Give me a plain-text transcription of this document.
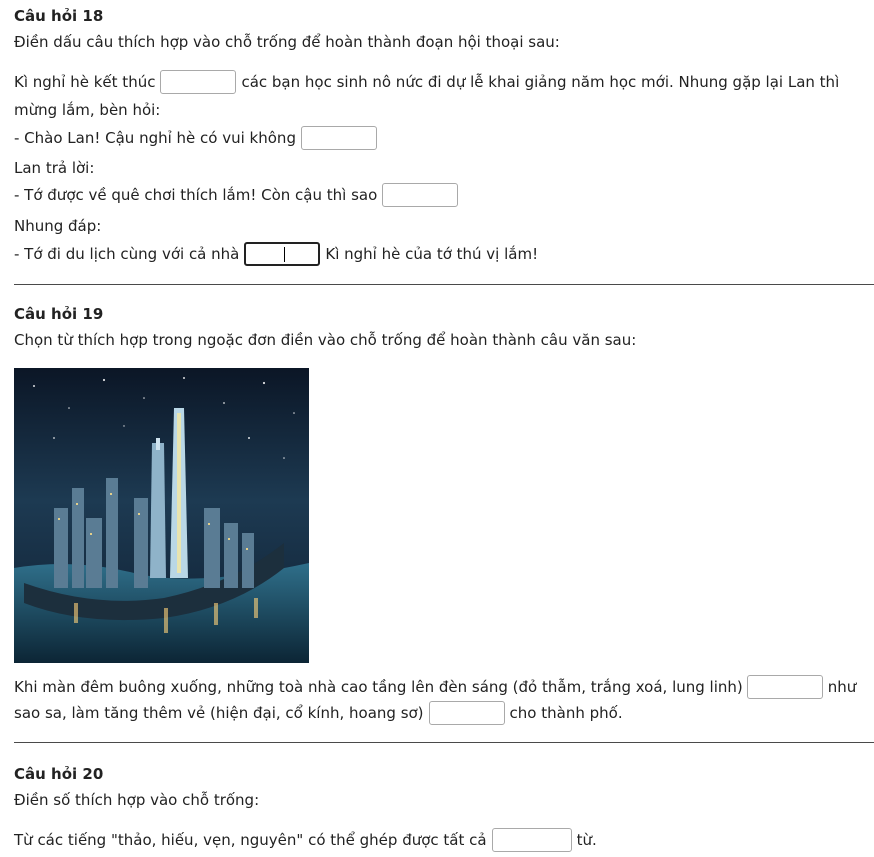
Câu hỏi 18
Điền dấu câu thích hợp vào chỗ trống để hoàn thành đoạn hội thoại sau:
Kì nghỉ hè kết thúc	các bạn học sinh nô nức đi dự lễ khai giảng năm học mới. Nhung gặp lại Lan thì
mừng lắm, bèn hỏi:
- Chào Lan! Cậu nghỉ hè có vui không
Lan trả lời:
- Tớ được về quê chơi thích lắm! Còn cậu thì sao
Nhung đáp:
- Tớ đi du lịch cùng với cả nhà	Kì nghỉ hè của tớ thú vị lắm!
Câu hỏi 19
Chọn từ thích hợp trong ngoặc đơn điền vào chỗ trống để hoàn thành câu văn sau:
Khi màn đêm buông xuống, những toà nhà cao tầng lên đèn sáng (đỏ thẫm, trắng xoá, lung linh)	như
sao sa, làm tăng thêm vẻ (hiện đại, cổ kính, hoang sơ)	cho thành phố.
Câu hỏi 20
Điền số thích hợp vào chỗ trống:
Từ các tiếng "thảo, hiếu, vẹn, nguyên" có thể ghép được tất cả	từ.
